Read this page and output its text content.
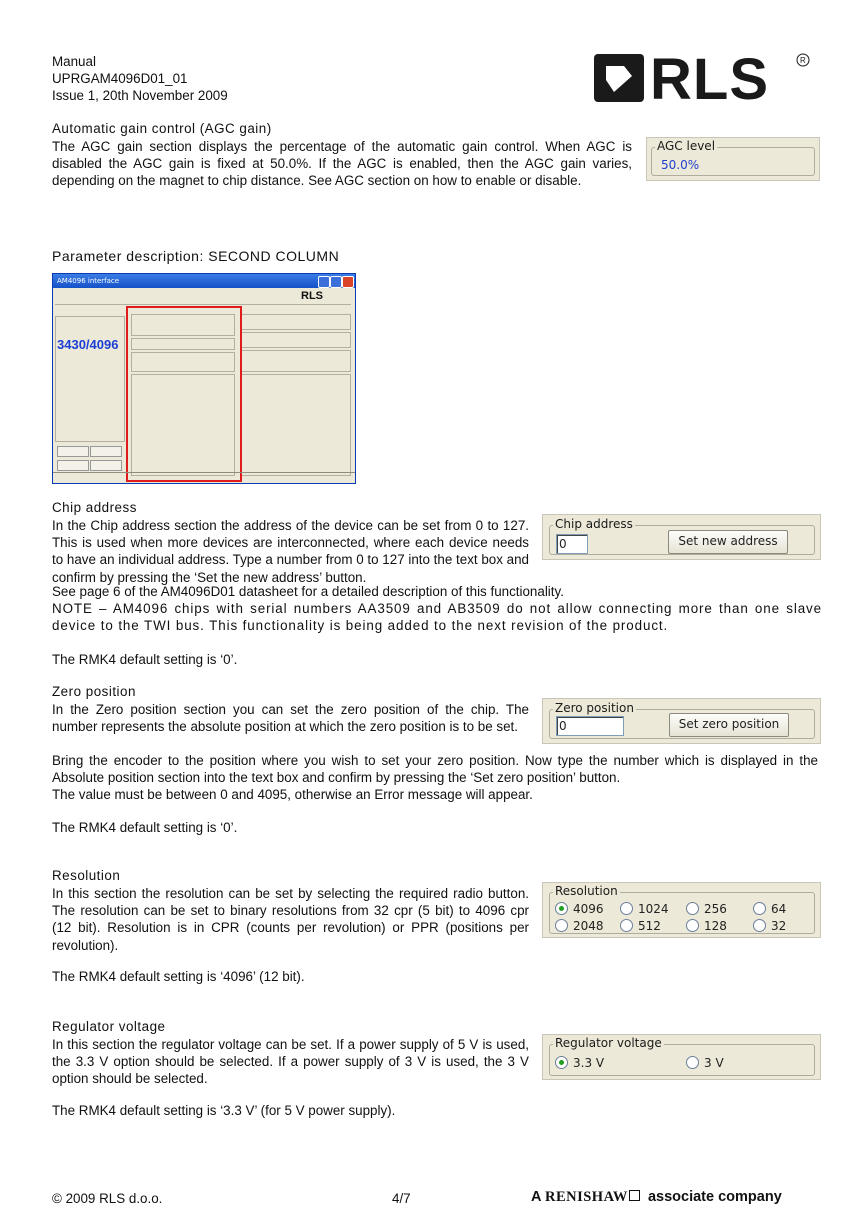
Manual
UPRGAM4096D01_01
Issue 1, 20th November 2009	RLS	R
Automatic gain control (AGC gain)
The AGC gain section displays the percentage of the automatic gain control. When AGC is disabled the AGC gain is fixed at 50.0%. If the AGC is enabled, then the AGC gain varies, depending on the magnet to chip distance. See AGC section on how to enable or disable.
AGC level
50.0%
Parameter description: SECOND COLUMN
AM4096 interface
RLS
3430/4096
Chip address
In the Chip address section the address of the device can be set from 0 to 127. This is used when more devices are interconnected, where each device needs to have an individual address. Type a number from 0 to 127 into the text box and confirm by pressing the ‘Set the new address’ button.
See page 6 of the AM4096D01 datasheet for a detailed description of this functionality.
NOTE – AM4096 chips with serial numbers AA3509 and AB3509 do not allow connecting more than one slave device to the TWI bus. This functionality is being added to the next revision of the product.
The RMK4 default setting is ‘0’.
Chip address
0	Set new address
Zero position
In the Zero position section you can set the zero position of the chip. The number represents the absolute position at which the zero position is to be set.
Bring the encoder to the position where you wish to set your zero position. Now type the number which is displayed in the Absolute position section into the text box and confirm by pressing the ‘Set zero position’ button.
The value must be between 0 and 4095, otherwise an Error message will appear.
The RMK4 default setting is ‘0’.
Zero position
0	Set zero position
Resolution
In this section the resolution can be set by selecting the required radio button. The resolution can be set to binary resolutions from 32 cpr (5 bit) to 4096 cpr (12 bit). Resolution is in CPR (counts per revolution) or PPR (positions per revolution).
The RMK4 default setting is ‘4096’ (12 bit).
Resolution
4096	1024	256	64
2048	512	128	32
Regulator voltage
In this section the regulator voltage can be set. If a power supply of 5 V is used, the 3.3 V option should be selected. If a power supply of 3 V is used, the 3 V option should be selected.
The RMK4 default setting is ‘3.3 V’ (for 5 V power supply).
Regulator voltage
3.3 V	3 V
© 2009 RLS d.o.o.	4/7	A RENISHAW associate company
